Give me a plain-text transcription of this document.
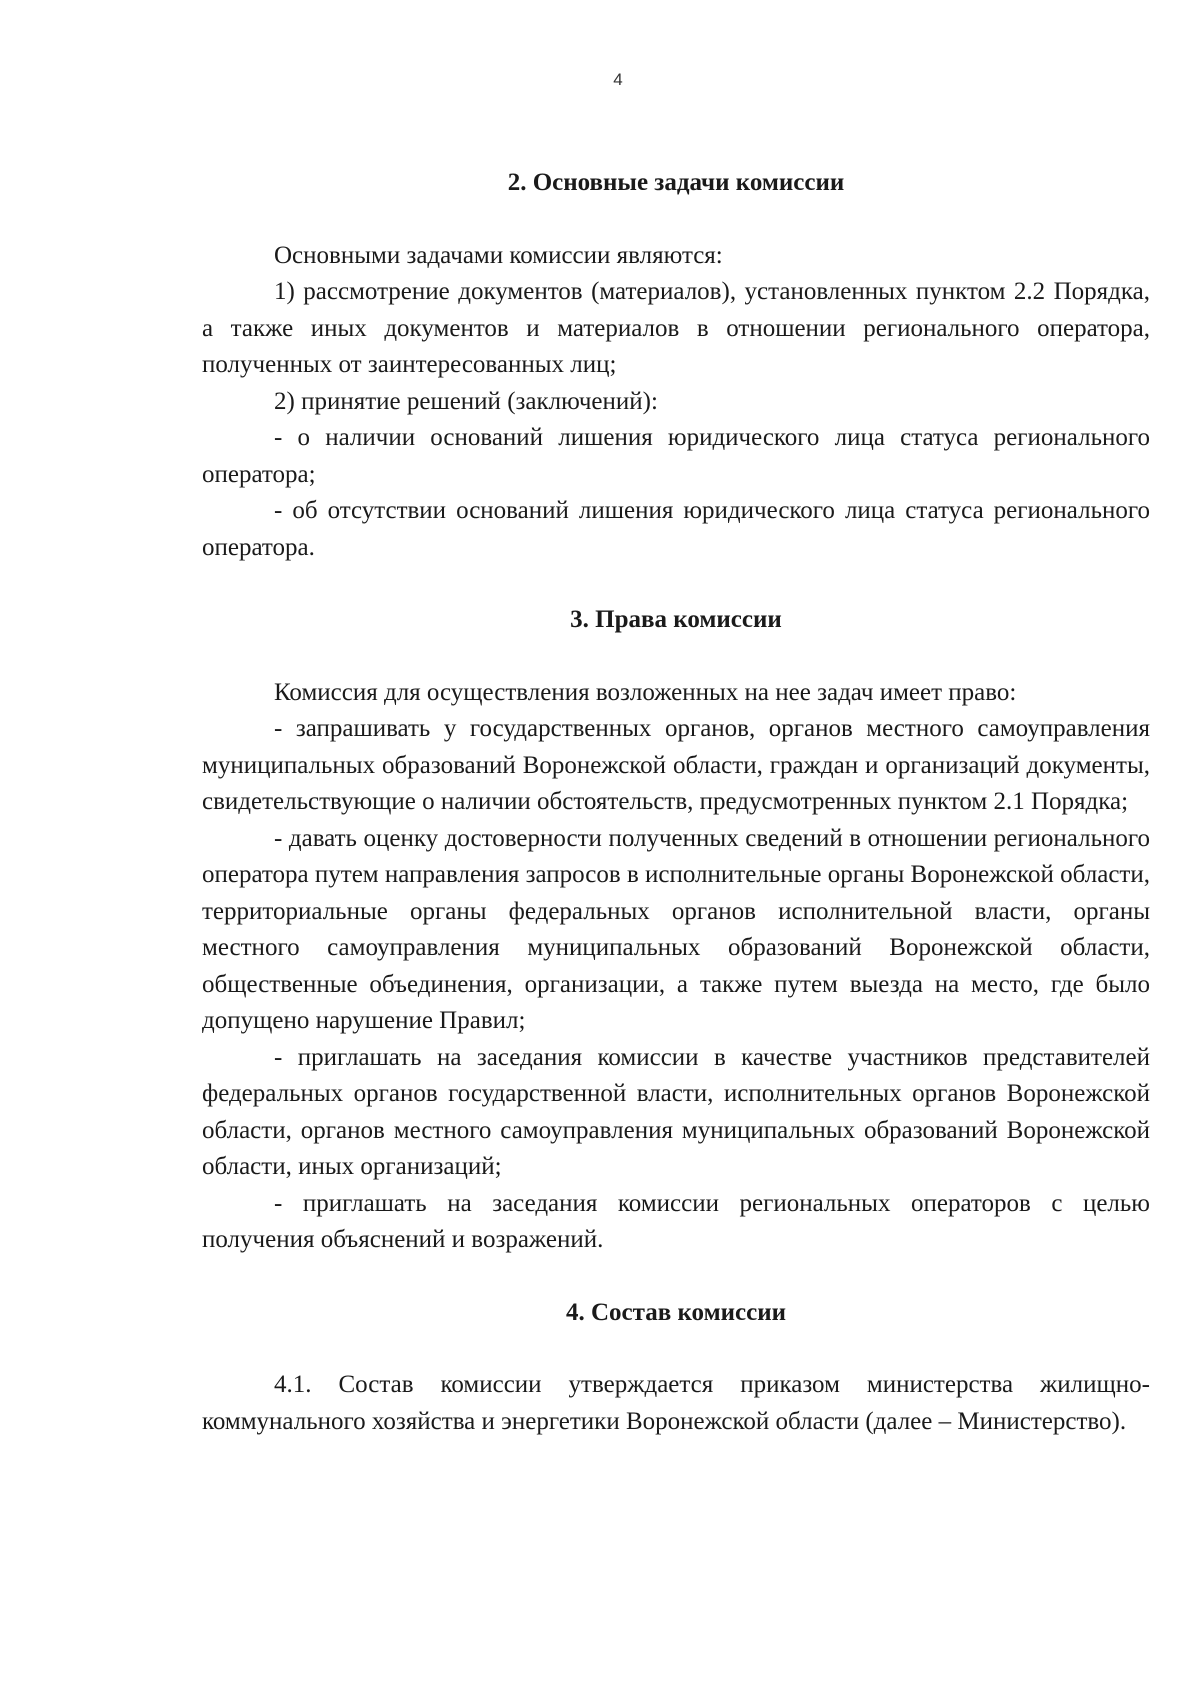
4
2. Основные задачи комиссии

Основными задачами комиссии являются:

1) рассмотрение документов (материалов), установленных пунктом 2.2 Порядка, а также иных документов и материалов в отношении регионального оператора, полученных от заинтересованных лиц;

2) принятие решений (заключений):

- о наличии оснований лишения юридического лица статуса регионального оператора;

- об отсутствии оснований лишения юридического лица статуса регионального оператора.

3. Права комиссии

Комиссия для осуществления возложенных на нее задач имеет право:

- запрашивать у государственных органов, органов местного самоуправления муниципальных образований Воронежской области, граждан и организаций документы, свидетельствующие о наличии обстоятельств, предусмотренных пунктом 2.1 Порядка;

- давать оценку достоверности полученных сведений в отношении регионального оператора путем направления запросов в исполнительные органы Воронежской области, территориальные органы федеральных органов исполнительной власти, органы местного самоуправления муниципальных образований Воронежской области, общественные объединения, организации, а также путем выезда на место, где было допущено нарушение Правил;

- приглашать на заседания комиссии в качестве участников представителей федеральных органов государственной власти, исполнительных органов Воронежской области, органов местного самоуправления муниципальных образований Воронежской области, иных организаций;

- приглашать на заседания комиссии региональных операторов с целью получения объяснений и возражений.

4. Состав комиссии

4.1. Состав комиссии утверждается приказом министерства жилищно-коммунального хозяйства и энергетики Воронежской области (далее – Министерство).
